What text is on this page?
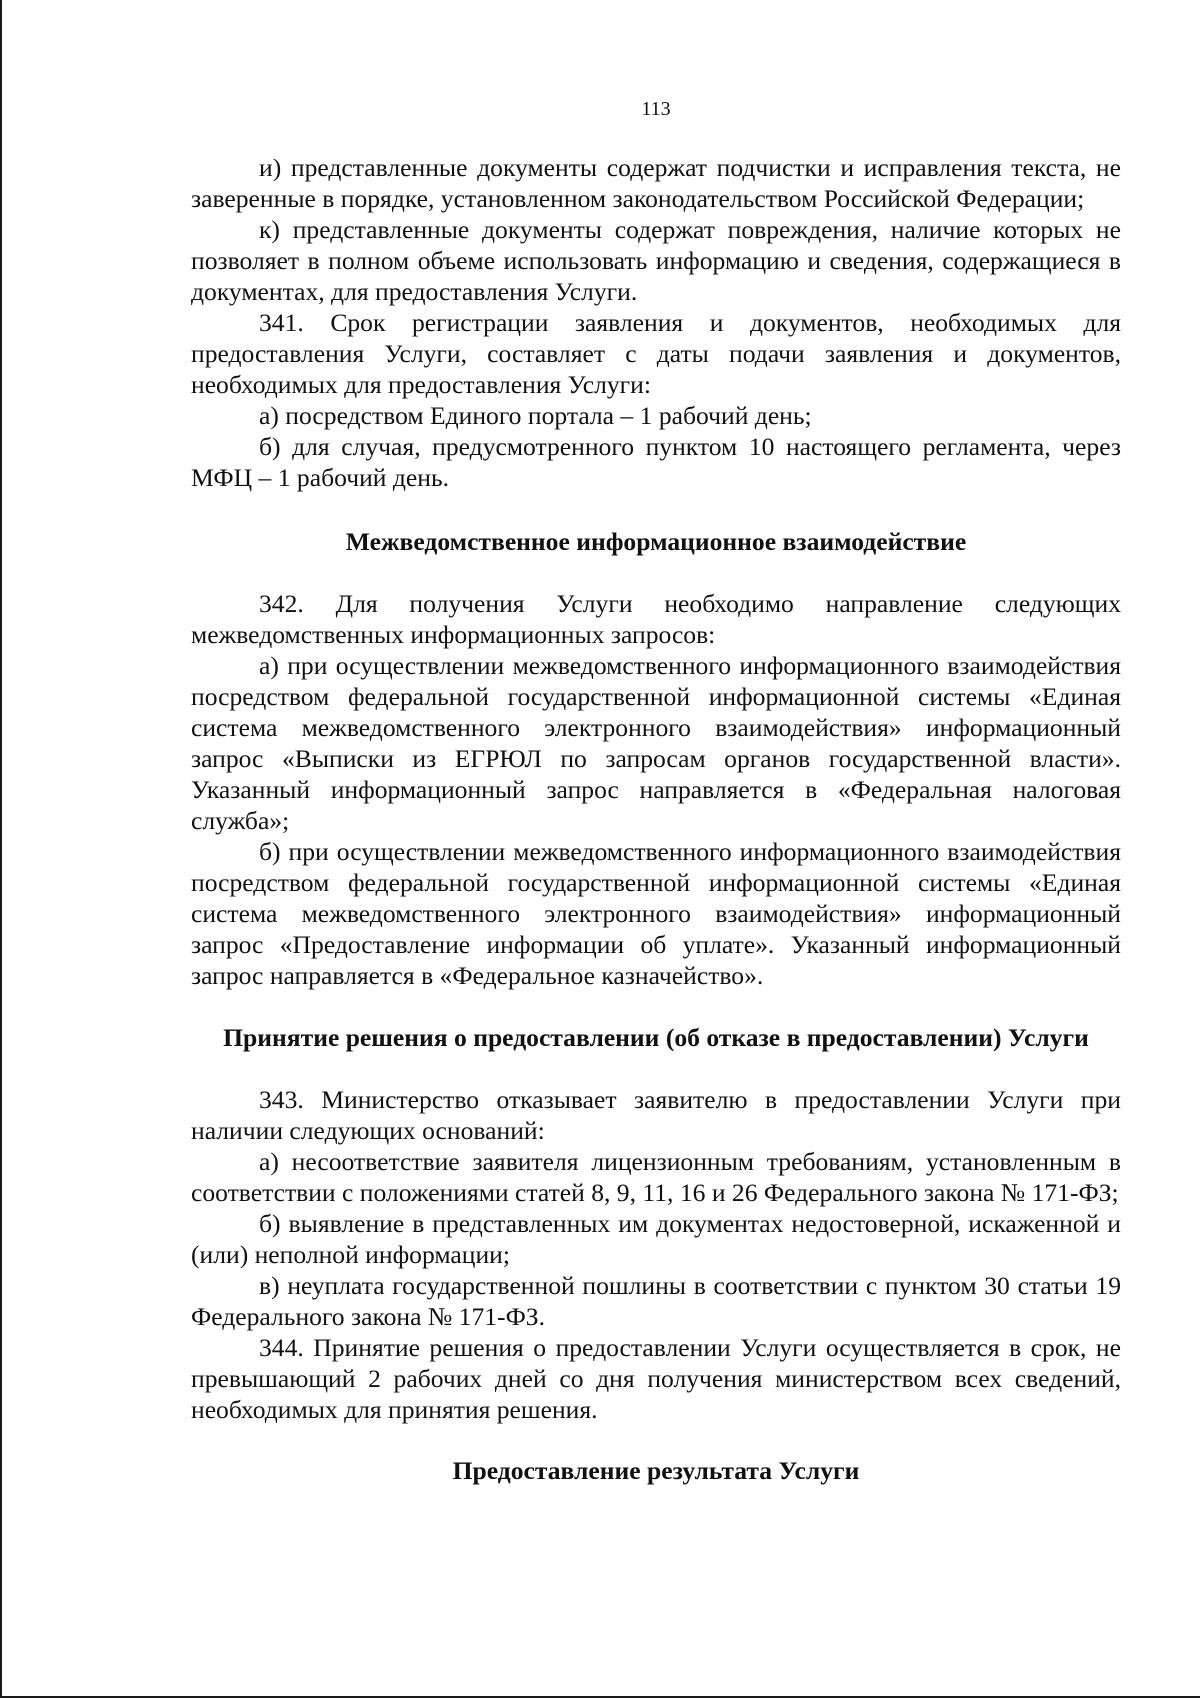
113

и) представленные документы содержат подчистки и исправления текста, не заверенные в порядке, установленном законодательством Российской Федерации;

к) представленные документы содержат повреждения, наличие которых не позволяет в полном объеме использовать информацию и сведения, содержащиеся в документах, для предоставления Услуги.

341. Срок регистрации заявления и документов, необходимых для предоставления Услуги, составляет с даты подачи заявления и документов, необходимых для предоставления Услуги:

а) посредством Единого портала – 1 рабочий день;

б) для случая, предусмотренного пунктом 10 настоящего регламента, через МФЦ – 1 рабочий день.

Межведомственное информационное взаимодействие

342. Для получения Услуги необходимо направление следующих межведомственных информационных запросов:

а) при осуществлении межведомственного информационного взаимодействия посредством федеральной государственной информационной системы «Единая система межведомственного электронного взаимодействия» информационный запрос «Выписки из ЕГРЮЛ по запросам органов государственной власти». Указанный информационный запрос направляется в «Федеральная налоговая служба»;

б) при осуществлении межведомственного информационного взаимодействия посредством федеральной государственной информационной системы «Единая система межведомственного электронного взаимодействия» информационный запрос «Предоставление информации об уплате». Указанный информационный запрос направляется в «Федеральное казначейство».

Принятие решения о предоставлении (об отказе в предоставлении) Услуги

343. Министерство отказывает заявителю в предоставлении Услуги при наличии следующих оснований:

а) несоответствие заявителя лицензионным требованиям, установленным в соответствии с положениями статей 8, 9, 11, 16 и 26 Федерального закона № 171-ФЗ;

б) выявление в представленных им документах недостоверной, искаженной и (или) неполной информации;

в) неуплата государственной пошлины в соответствии с пунктом 30 статьи 19 Федерального закона № 171-ФЗ.

344. Принятие решения о предоставлении Услуги осуществляется в срок, не превышающий 2 рабочих дней со дня получения министерством всех сведений, необходимых для принятия решения.

Предоставление результата Услуги
